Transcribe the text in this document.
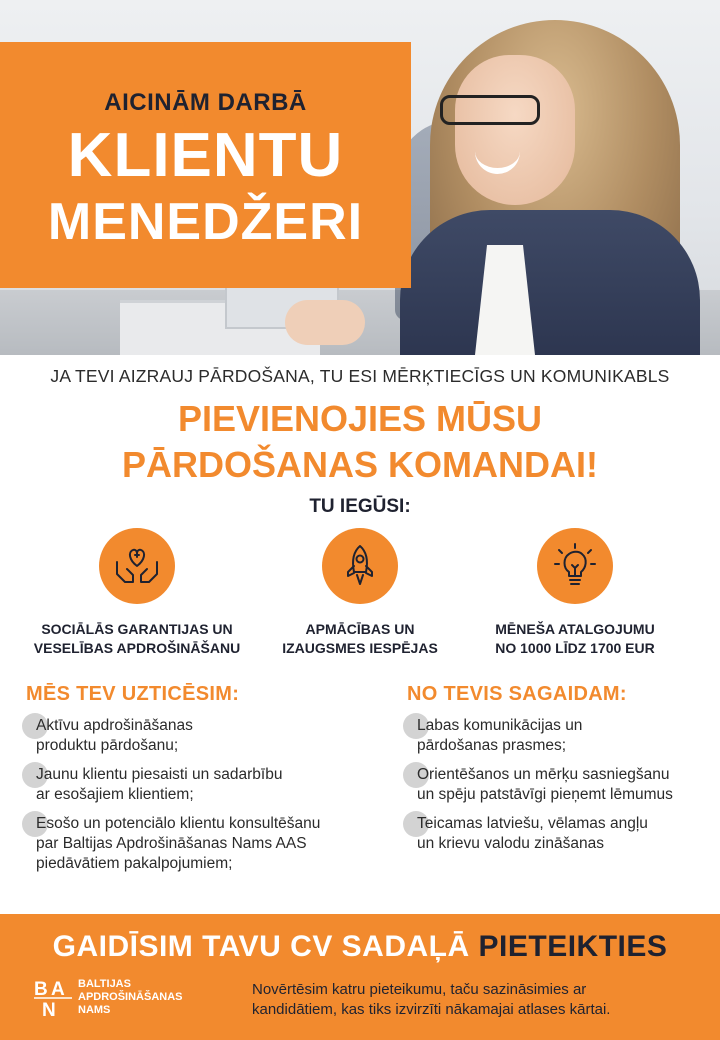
AICINĀM DARBĀ
KLIENTU
MENEDŽERI
JA TEVI AIZRAUJ PĀRDOŠANA, TU ESI MĒRĶTIECĪGS UN KOMUNIKABLS
PIEVIENOJIES MŪSU
PĀRDOŠANAS KOMANDAI!
TU IEGŪSI:
SOCIĀLĀS GARANTIJAS UN
VESELĪBAS APDROŠINĀŠANU
APMĀCĪBAS UN
IZAUGSMES IESPĒJAS
MĒNEŠA ATALGOJUMU
NO 1000 LĪDZ 1700 EUR
MĒS TEV UZTICĒSIM:
Aktīvu apdrošināšanas
produktu pārdošanu;
Jaunu klientu piesaisti un sadarbību
ar esošajiem klientiem;
Esošo un potenciālo klientu konsultēšanu
par Baltijas Apdrošināšanas Nams AAS
piedāvātiem pakalpojumiem;
NO TEVIS SAGAIDAM:
Labas komunikācijas un
pārdošanas prasmes;
Orientēšanos un mērķu sasniegšanu
un spēju patstāvīgi pieņemt lēmumus
Teicamas latviešu, vēlamas angļu
un krievu valodu zināšanas
GAIDĪSIM TAVU CV SADAĻĀ PIETEIKTIES
B A
N
BALTIJAS
APDROŠINĀŠANAS
NAMS
Novērtēsim katru pieteikumu, taču sazināsimies ar
kandidātiem, kas tiks izvirzīti nākamajai atlases kārtai.
